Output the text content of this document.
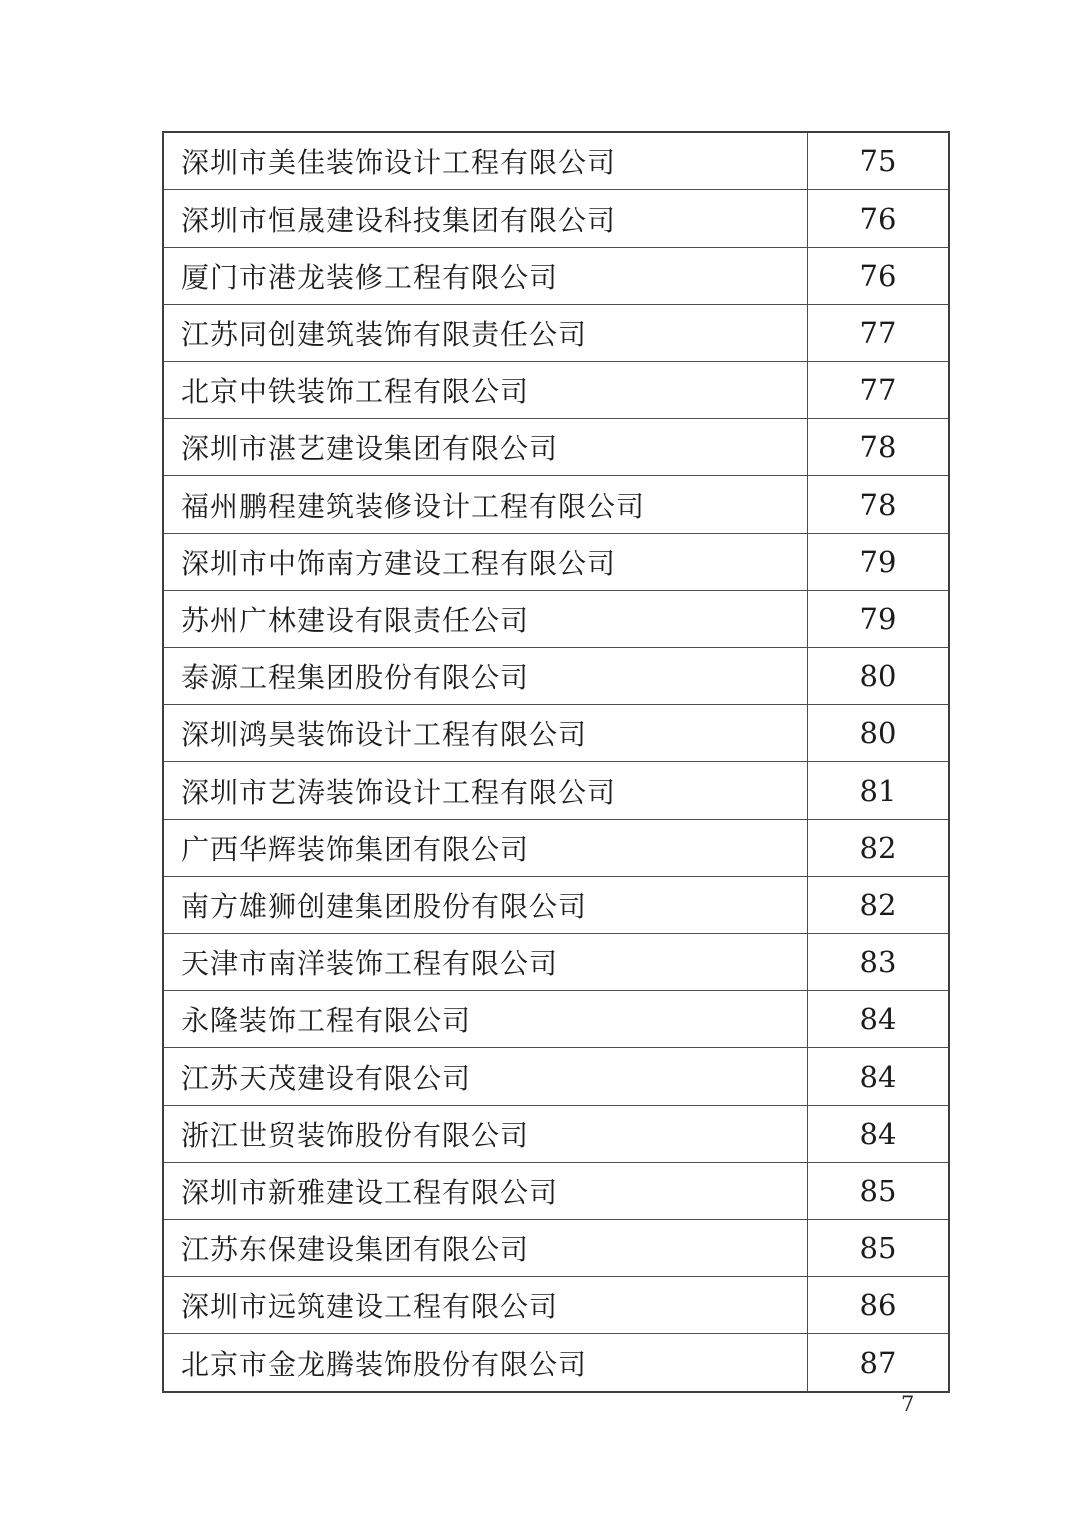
深圳市美佳装饰设计工程有限公司	75
深圳市恒晟建设科技集团有限公司	76
厦门市港龙装修工程有限公司	76
江苏同创建筑装饰有限责任公司	77
北京中铁装饰工程有限公司	77
深圳市湛艺建设集团有限公司	78
福州鹏程建筑装修设计工程有限公司	78
深圳市中饰南方建设工程有限公司	79
苏州广林建设有限责任公司	79
泰源工程集团股份有限公司	80
深圳鸿昊装饰设计工程有限公司	80
深圳市艺涛装饰设计工程有限公司	81
广西华辉装饰集团有限公司	82
南方雄狮创建集团股份有限公司	82
天津市南洋装饰工程有限公司	83
永隆装饰工程有限公司	84
江苏天茂建设有限公司	84
浙江世贸装饰股份有限公司	84
深圳市新雅建设工程有限公司	85
江苏东保建设集团有限公司	85
深圳市远筑建设工程有限公司	86
北京市金龙腾装饰股份有限公司	87
7
